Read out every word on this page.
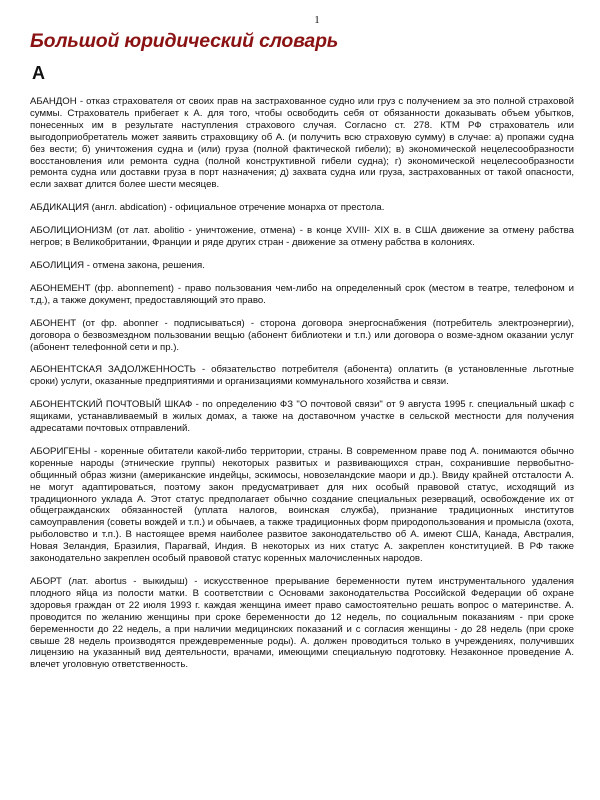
1
Большой юридический словарь
А
АБАНДОН - отказ страхователя от своих прав на застрахованное судно или груз с получением за это полной страховой суммы. Страхователь прибегает к А. для того, чтобы освободить себя от обязанности доказывать объем убытков, понесенных им в результате наступления страхового случая. Согласно ст. 278. КТМ РФ страхователь или выгодоприобретатель может заявить страховщику об А. (и получить всю страховую сумму) в случае: а) пропажи судна без вести; б) уничтожения судна и (или) груза (полной фактической гибели); в) экономической нецелесообразности восстановления или ремонта судна (полной конструктивной гибели судна); г) экономической нецелесообразности ремонта судна или доставки груза в порт назначения; д) захвата судна или груза, застрахованных от такой опасности, если захват длится более шести месяцев.
АБДИКАЦИЯ (англ. abdication) - официальное отречение монарха от престола.
АБОЛИЦИОНИЗМ (от лат. abolitio - уничтожение, отмена) - в конце XVIII- XIX в. в США движение за отмену рабства негров; в Великобритании, Франции и ряде других стран - движение за отмену рабства в колониях.
АБОЛИЦИЯ - отмена закона, решения.
АБОНЕМЕНТ (фр. abonnement) - право пользования чем-либо на определенный срок (местом в театре, телефоном и т.д.), а также документ, предоставляющий это право.
АБОНЕНТ (от фр. abonner - подписываться) - сторона договора энергоснабжения (потребитель электроэнергии), договора о безвозмездном пользовании вещью (абонент библиотеки и т.п.) или договора о возме-здном оказании услуг (абонент телефонной сети и пр.).
АБОНЕНТСКАЯ ЗАДОЛЖЕННОСТЬ - обязательство потребителя (абонента) оплатить (в установленные льготные сроки) услуги, оказанные предприятиями и организациями коммунального хозяйства и связи.
АБОНЕНТСКИЙ ПОЧТОВЫЙ ШКАФ - по определению ФЗ "О почтовой связи" от 9 августа 1995 г. специальный шкаф с ящиками, устанавливаемый в жилых домах, а также на доставочном участке в сельской местности для получения адресатами почтовых отправлений.
АБОРИГЕНЫ - коренные обитатели какой-либо территории, страны. В современном праве под А. понимаются обычно коренные народы (этнические группы) некоторых развитых и развивающихся стран, сохранившие первобытно-общинный образ жизни (американские индейцы, эскимосы, новозеландские маори и др.). Ввиду крайней отсталости А. не могут адаптироваться, поэтому закон предусматривает для них особый правовой статус, исходящий из традиционного уклада А. Этот статус предполагает обычно создание специальных резерваций, освобождение их от общегражданских обязанностей (уплата налогов, воинская служба), признание традиционных институтов самоуправления (советы вождей и т.п.) и обычаев, а также традиционных форм природопользования и промысла (охота, рыболовство и т.п.). В настоящее время наиболее развитое законодательство об А. имеют США, Канада, Австралия, Новая Зеландия, Бразилия, Парагвай, Индия. В некоторых из них статус А. закреплен конституцией. В РФ также законодательно закреплен особый правовой статус коренных малочисленных народов.
АБОРТ (лат. abortus - выкидыш) - искусственное прерывание беременности путем инструментального удаления плодного яйца из полости матки. В соответствии с Основами законодательства Российской Федерации об охране здоровья граждан от 22 июля 1993 г. каждая женщина имеет право самостоятельно решать вопрос о материнстве. А. проводится по желанию женщины при сроке беременности до 12 недель, по социальным показаниям - при сроке беременности до 22 недель, а при наличии медицинских показаний и с согласия женщины - до 28 недель (при сроке свыше 28 недель производятся преждевременные роды). А. должен проводиться только в учреждениях, получивших лицензию на указанный вид деятельности, врачами, имеющими специальную подготовку. Незаконное проведение А. влечет уголовную ответственность.
